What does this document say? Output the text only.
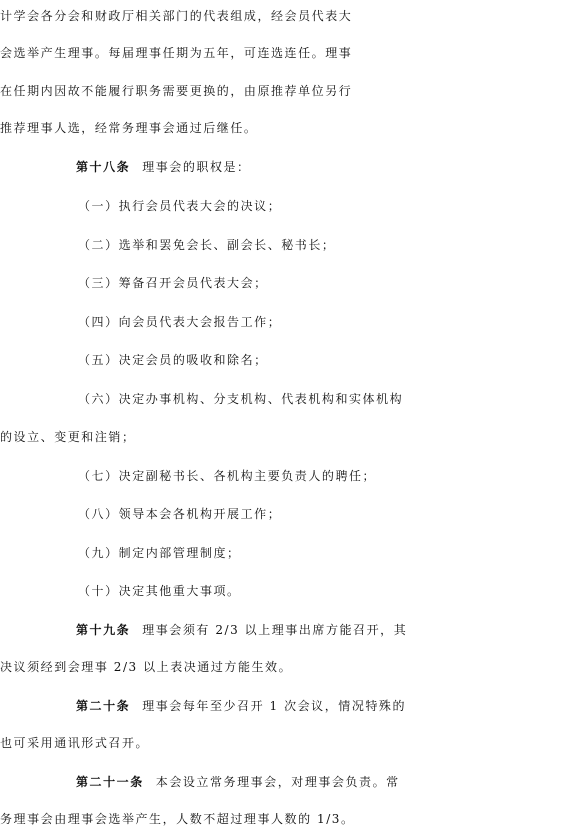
计学会各分会和财政厅相关部门的代表组成，经会员代表大
会选举产生理事。每届理事任期为五年，可连选连任。理事
在任期内因故不能履行职务需要更换的，由原推荐单位另行
推荐理事人选，经常务理事会通过后继任。
第十八条 理事会的职权是：
（一）执行会员代表大会的决议；
（二）选举和罢免会长、副会长、秘书长；
（三）筹备召开会员代表大会；
（四）向会员代表大会报告工作；
（五）决定会员的吸收和除名；
（六）决定办事机构、分支机构、代表机构和实体机构
的设立、变更和注销；
（七）决定副秘书长、各机构主要负责人的聘任；
（八）领导本会各机构开展工作；
（九）制定内部管理制度；
（十）决定其他重大事项。
第十九条 理事会须有 2/3 以上理事出席方能召开，其
决议须经到会理事 2/3 以上表决通过方能生效。
第二十条 理事会每年至少召开 1 次会议，情况特殊的
也可采用通讯形式召开。
第二十一条 本会设立常务理事会，对理事会负责。常
务理事会由理事会选举产生，人数不超过理事人数的 1/3。
